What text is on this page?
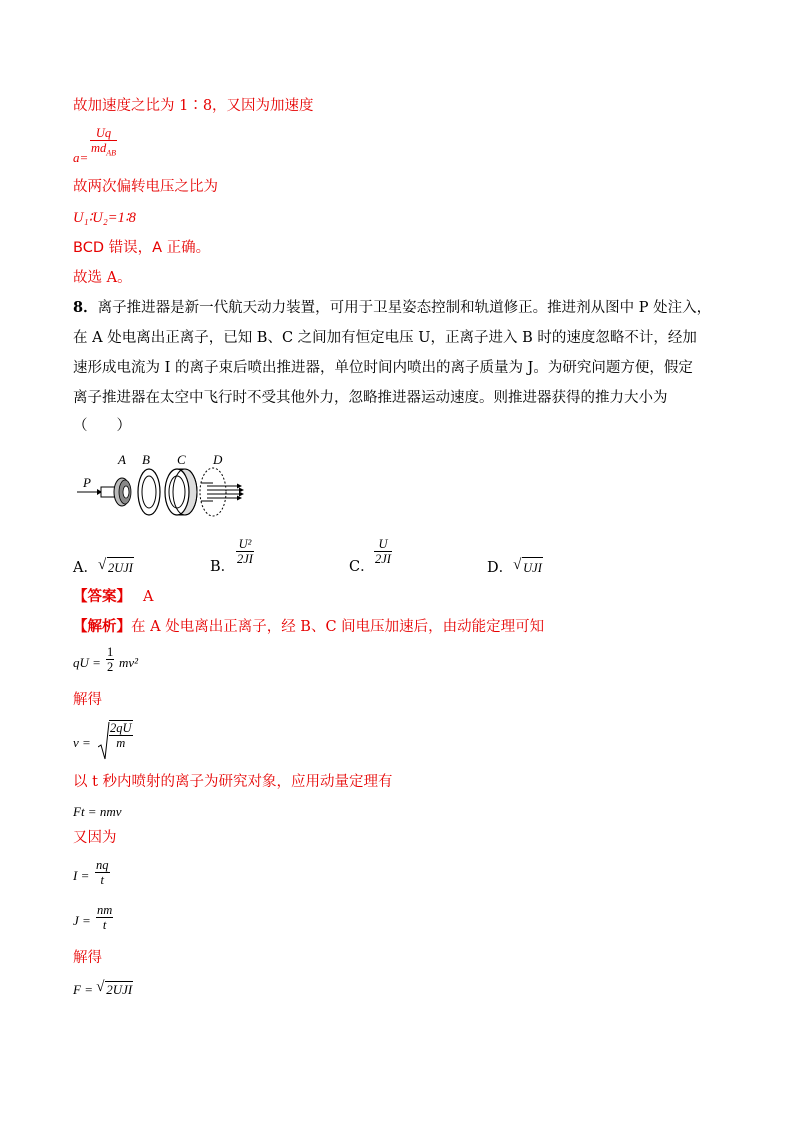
故加速度之比为 1∶8，又因为加速度
a=
Uq
$md_{AB}$
故两次偏转电压之比为
U₁∶U₂=1∶8
BCD 错误，A 正确。
故选 A。
8．离子推进器是新一代航天动力装置，可用于卫星姿态控制和轨道修正。推进剂从图中 P 处注入，
在 A 处电离出正离子，已知 B、C 之间加有恒定电压 U，正离子进入 B 时的速度忽略不计，经加
速形成电流为 I 的离子束后喷出推进器，单位时间内喷出的离子质量为 J。为研究问题方便，假定
离子推进器在太空中飞行时不受其他外力，忽略推进器运动速度。则推进器获得的推力大小为
（　　）
P
A B C D
A． √ 2UJI	B．
U²
2JI	C．
U
2JI
D． √ UJI
【答案】 A
【解析】在 A 处电离出正离子，经 B、C 间电压加速后，由动能定理可知
qU =
1
2 mv²
解得
v =
2qU
m
以 t 秒内喷射的离子为研究对象，应用动量定理有
Ft = nmv
又因为
I =
nq
t
J =
nm
t
解得
F = √ 2UJI
